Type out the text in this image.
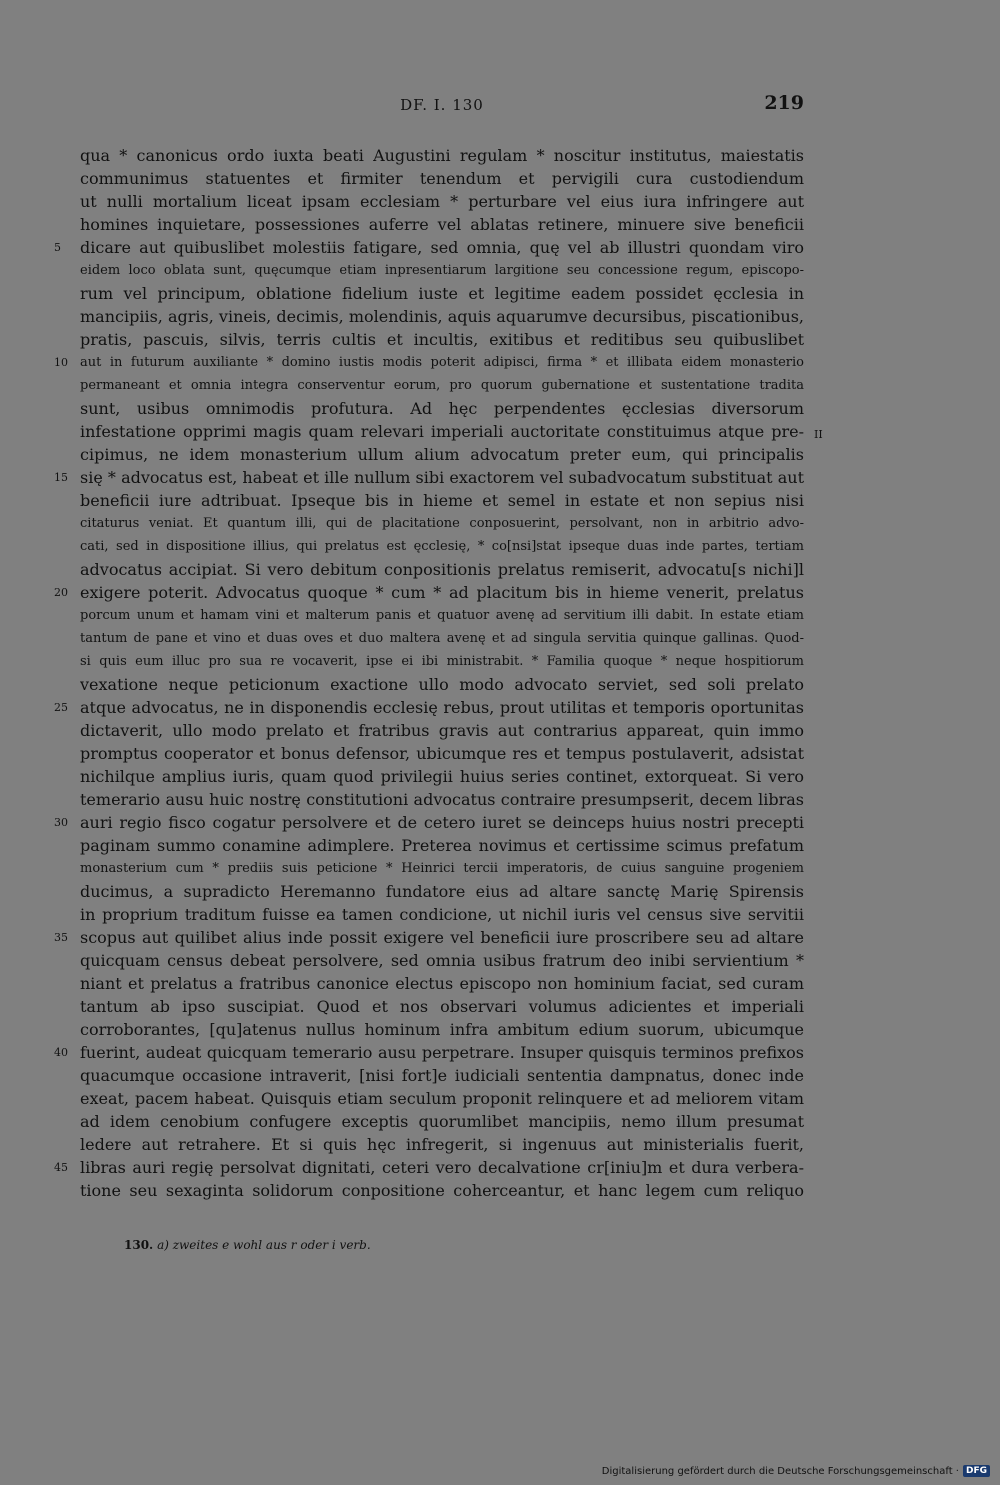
DF. I. 130	219
II
qua * canonicus ordo iuxta beati Augustini regulam * noscitur institutus, maiestatis
communimus statuentes et firmiter tenendum et pervigili cura custodiendum
ut nulli mortalium liceat ipsam ecclesiam * perturbare vel eius iura infringere aut
homines inquietare, possessiones auferre vel ablatas retinere, minuere sive beneficii
5	dicare aut quibuslibet molestiis fatigare, sed omnia, quę vel ab illustri quondam viro
eidem loco oblata sunt, quęcumque etiam inpresentiarum largitione seu concessione regum, episcopo-
rum vel principum, oblatione fidelium iuste et legitime eadem possidet ęcclesia in
mancipiis, agris, vineis, decimis, molendinis, aquis aquarumve decursibus, piscationibus,
pratis, pascuis, silvis, terris cultis et incultis, exitibus et reditibus seu quibuslibet
10 aut in futurum auxiliante * domino iustis modis poterit adipisci, firma * et illibata eidem monasterio
permaneant et omnia integra conserventur eorum, pro quorum gubernatione et sustentatione tradita
sunt, usibus omnimodis profutura. Ad hęc perpendentes ęcclesias diversorum
infestatione opprimi magis quam relevari imperiali auctoritate constituimus atque pre-
cipimus, ne idem monasterium ullum alium advocatum preter eum, qui principalis
15 się * advocatus est, habeat et ille nullum sibi exactorem vel subadvocatum substituat aut
beneficii iure adtribuat. Ipseque bis in hieme et semel in estate et non sepius nisi
citaturus veniat. Et quantum illi, qui de placitatione conposuerint, persolvant, non in arbitrio advo-
cati, sed in dispositione illius, qui prelatus est ęcclesię, * co[nsi]stat ipseque duas inde partes, tertiam
advocatus accipiat. Si vero debitum conpositionis prelatus remiserit, advocatu[s nichi]l
20 exigere poterit. Advocatus quoque * cum * ad placitum bis in hieme venerit, prelatus
porcum unum et hamam vini et malterum panis et quatuor avenę ad servitium illi dabit. In estate etiam
tantum de pane et vino et duas oves et duo maltera avenę et ad singula servitia quinque gallinas. Quod-
si quis eum illuc pro sua re vocaverit, ipse ei ibi ministrabit. * Familia quoque * neque hospitiorum
vexatione neque peticionum exactione ullo modo advocato serviet, sed soli prelato
25 atque advocatus, ne in disponendis ecclesię rebus, prout utilitas et temporis oportunitas
dictaverit, ullo modo prelato et fratribus gravis aut contrarius appareat, quin immo
promptus cooperator et bonus defensor, ubicumque res et tempus postulaverit, adsistat
nichilque amplius iuris, quam quod privilegii huius series continet, extorqueat. Si vero
temerario ausu huic nostrę constitutioni advocatus contraire presumpserit, decem libras
30 auri regio fisco cogatur persolvere et de cetero iuret se deinceps huius nostri precepti
paginam summo conamine adimplere. Preterea novimus et certissime scimus prefatum
monasterium cum * prediis suis peticione * Heinrici tercii imperatoris, de cuius sanguine progeniem
ducimus, a supradicto Heremanno fundatore eius ad altare sanctę Marię Spirensis
in proprium traditum fuisse ea tamen condicione, ut nichil iuris vel census sive servitii
35 scopus aut quilibet alius inde possit exigere vel beneficii iure proscribere seu ad altare
quicquam census debeat persolvere, sed omnia usibus fratrum deo inibi servientium *
niant et prelatus a fratribus canonice electus episcopo non hominium faciat, sed curam
tantum ab ipso suscipiat. Quod et nos observari volumus adicientes et imperiali
corroborantes, [qu]atenus nullus hominum infra ambitum edium suorum, ubicumque
40 fuerint, audeat quicquam temerario ausu perpetrare. Insuper quisquis terminos prefixos
quacumque occasione intraverit, [nisi fort]e iudiciali sententia dampnatus, donec inde
exeat, pacem habeat. Quisquis etiam seculum proponit relinquere et ad meliorem vitam
ad idem cenobium confugere exceptis quorumlibet mancipiis, nemo illum presumat
ledere aut retrahere. Et si quis hęc infregerit, si ingenuus aut ministerialis fuerit,
45 libras auri regię persolvat dignitati, ceteri vero decalvatione cr[iniu]m et dura verbera-
tione seu sexaginta solidorum conpositione coherceantur, et hanc legem cum reliquo
130. a) zweites e wohl aus r oder i verb.
Digitalisierung gefördert durch die Deutsche Forschungsgemeinschaft · DFG
